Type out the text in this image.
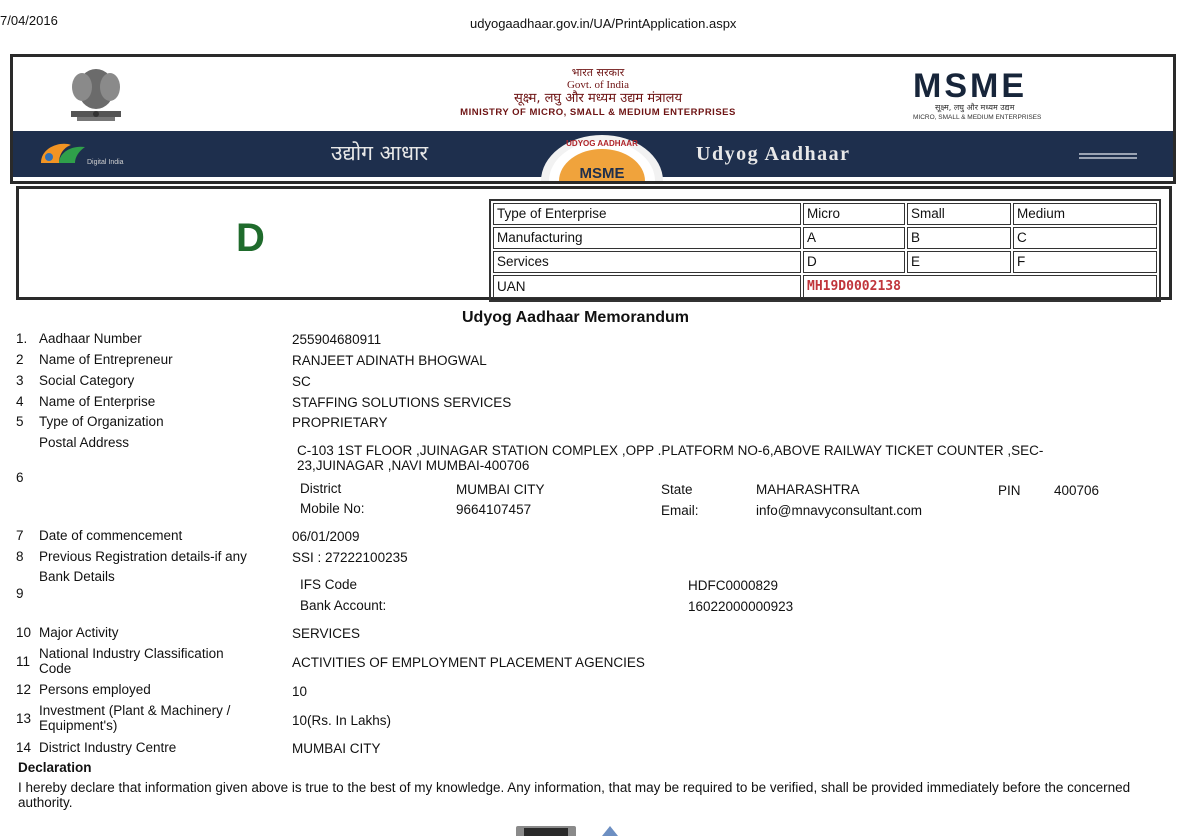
7/04/2016	udyogaadhaar.gov.in/UA/PrintApplication.aspx
भारत सरकार
Govt. of India
सूक्ष्म, लघु और मध्यम उद्यम मंत्रालय
MINISTRY OF MICRO, SMALL & MEDIUM ENTERPRISES
MSME
सूक्ष्म, लघु और मध्यम उद्यम
MICRO, SMALL & MEDIUM ENTERPRISES
Digital India	उद्योग आधार	UDYOG AADHAAR
MSME
Udyog Aadhaar
D
Type of Enterprise	Micro	Small	Medium
Manufacturing	A	B	C
Services	D	E	F
UAN	MH19D0002138		
Udyog Aadhaar Memorandum
1. Aadhaar Number	255904680911
2 Name of Entrepreneur	RANJEET ADINATH BHOGWAL
3 Social Category	SC
4 Name of Enterprise	STAFFING SOLUTIONS SERVICES
5 Type of Organization	PROPRIETARY
Postal Address
6
C-103 1ST FLOOR ,JUINAGAR STATION COMPLEX ,OPP .PLATFORM NO-6,ABOVE RAILWAY TICKET COUNTER ,SEC-
23,JUINAGAR ,NAVI MUMBAI-400706
District	MUMBAI CITY	State	MAHARASHTRA	PIN 400706
Mobile No:	9664107457	Email:	info@mnavyconsultant.com
7 Date of commencement	06/01/2009
8 Previous Registration details-if any	SSI : 27222100235
Bank Details
9
IFS Code	HDFC0000829
Bank Account:	16022000000923
10 Major Activity	SERVICES
11
National Industry Classification
Code	ACTIVITIES OF EMPLOYMENT PLACEMENT AGENCIES
12 Persons employed	10
13
Investment (Plant & Machinery /
Equipment's)	10(Rs. In Lakhs)
14 District Industry Centre	MUMBAI CITY
Declaration
I hereby declare that information given above is true to the best of my knowledge. Any information, that may be required to be verified, shall be provided immediately before the concerned authority.
